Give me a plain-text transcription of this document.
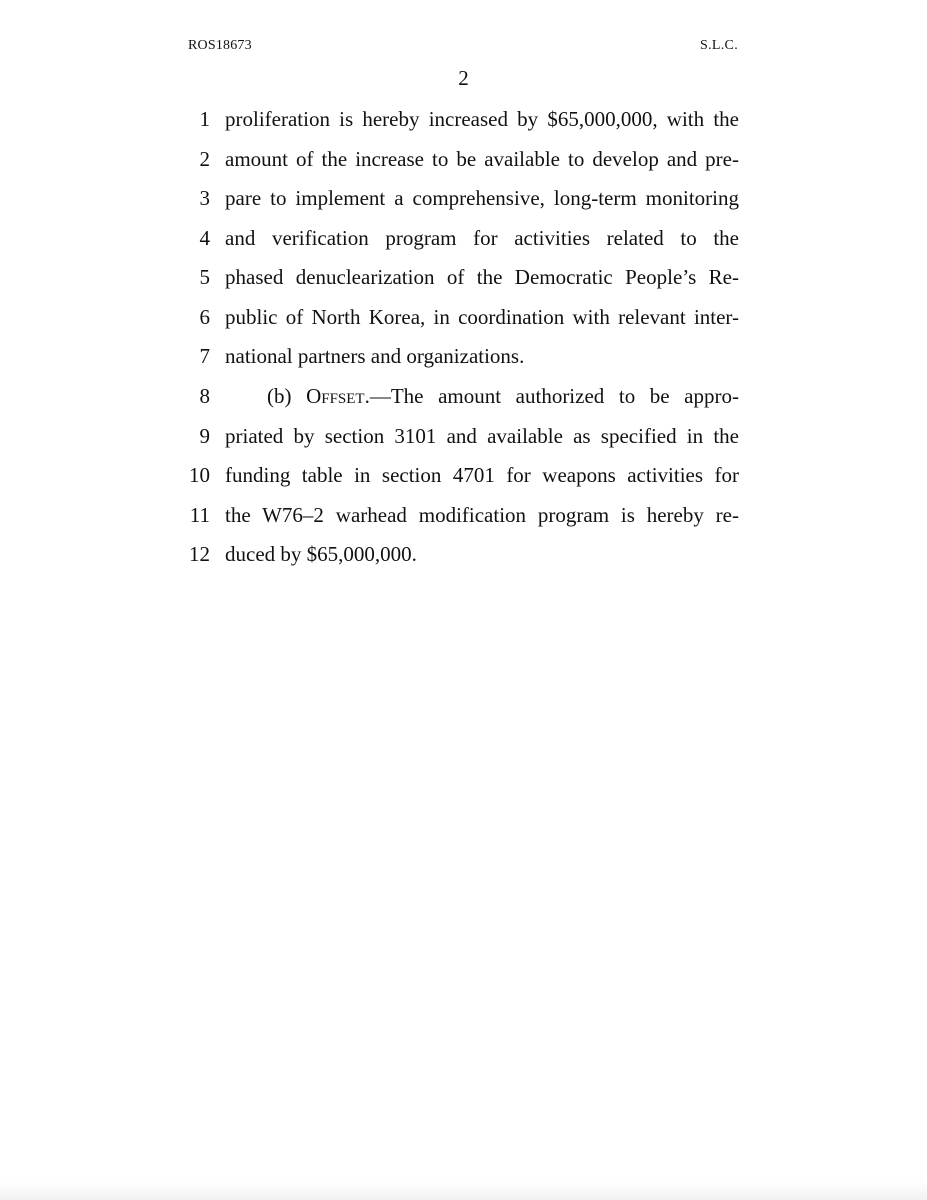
ROS18673	S.L.C.
2
1 proliferation is hereby increased by $65,000,000, with the
2 amount of the increase to be available to develop and pre-
3 pare to implement a comprehensive, long-term monitoring
4 and verification program for activities related to the
5 phased denuclearization of the Democratic People’s Re-
6 public of North Korea, in coordination with relevant inter-
7 national partners and organizations.
8	(b) Offset.—The amount authorized to be appro-
9 priated by section 3101 and available as specified in the
10 funding table in section 4701 for weapons activities for
11 the W76–2 warhead modification program is hereby re-
12 duced by $65,000,000.
